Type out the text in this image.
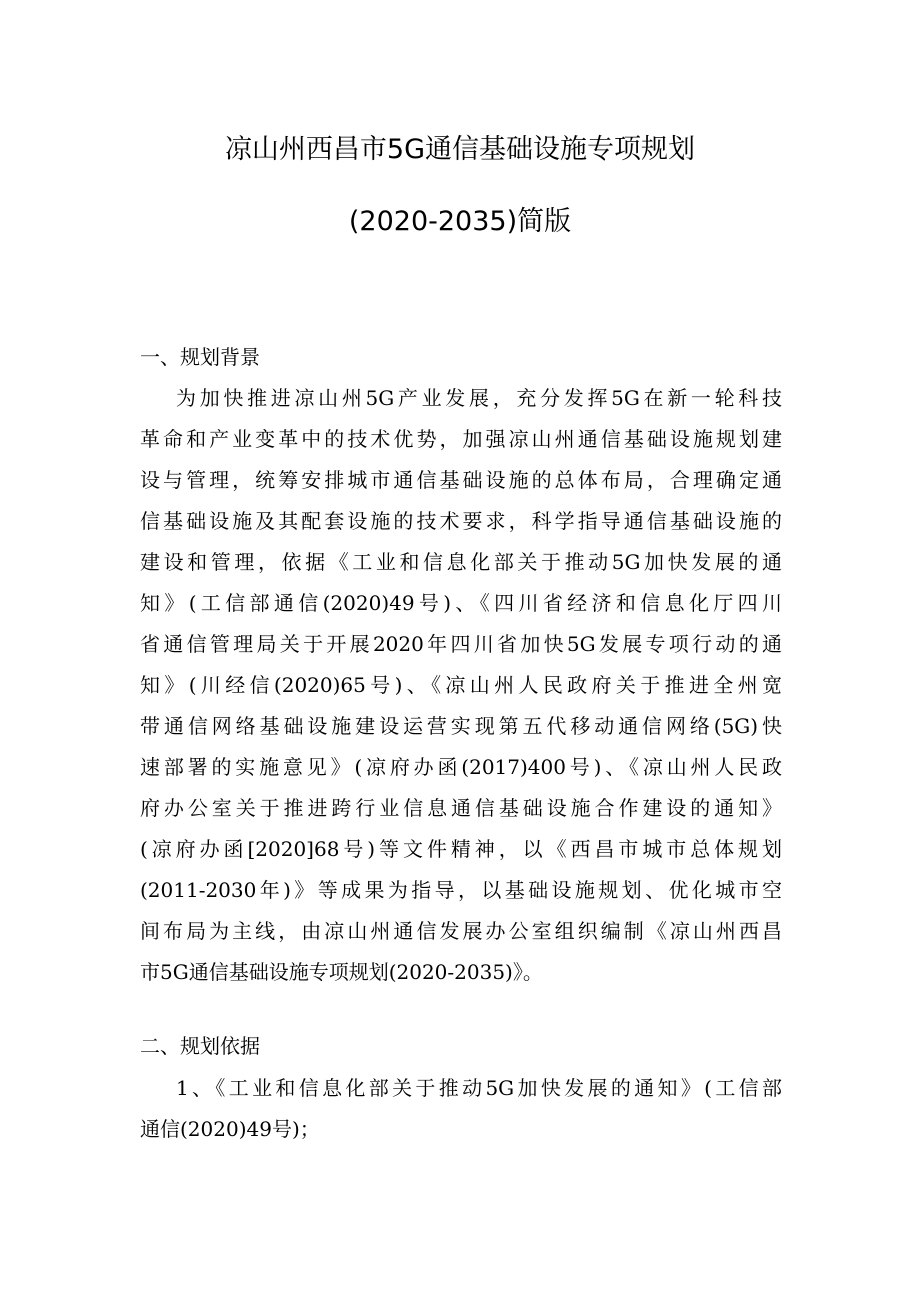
凉山州西昌市5G通信基础设施专项规划
(2020-2035)简版
一、规划背景
为加快推进凉山州5G产业发展，充分发挥5G在新一轮科技
革命和产业变革中的技术优势，加强凉山州通信基础设施规划建
设与管理，统筹安排城市通信基础设施的总体布局，合理确定通
信基础设施及其配套设施的技术要求，科学指导通信基础设施的
建设和管理，依据《工业和信息化部关于推动5G加快发展的通
知》(工信部通信(2020)49号)、《四川省经济和信息化厅四川
省通信管理局关于开展2020年四川省加快5G发展专项行动的通
知》(川经信(2020)65号)、《凉山州人民政府关于推进全州宽
带通信网络基础设施建设运营实现第五代移动通信网络(5G)快
速部署的实施意见》(凉府办函(2017)400号)、《凉山州人民政
府办公室关于推进跨行业信息通信基础设施合作建设的通知》
(凉府办函[2020]68号)等文件精神，以《西昌市城市总体规划
(2011-2030年)》等成果为指导，以基础设施规划、优化城市空
间布局为主线，由凉山州通信发展办公室组织编制《凉山州西昌
市5G通信基础设施专项规划(2020-2035)》。
二、规划依据
1、《工业和信息化部关于推动5G加快发展的通知》(工信部
通信(2020)49号)；
